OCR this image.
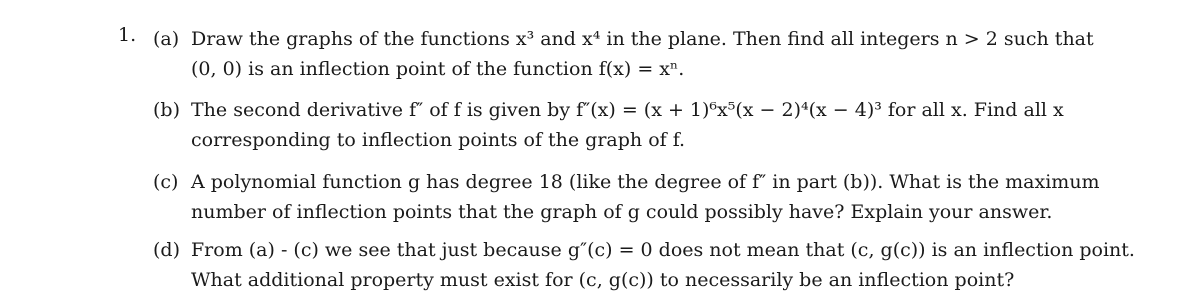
1. (a) Draw the graphs of the functions x³ and x⁴ in the plane. Then find all integers n > 2 such that
(0, 0) is an inflection point of the function f(x) = xⁿ.
(b) The second derivative f″ of f is given by f″(x) = (x + 1)⁶x⁵(x − 2)⁴(x − 4)³ for all x. Find all x
corresponding to inflection points of the graph of f.
(c) A polynomial function g has degree 18 (like the degree of f″ in part (b)). What is the maximum
number of inflection points that the graph of g could possibly have? Explain your answer.
(d) From (a) - (c) we see that just because g″(c) = 0 does not mean that (c, g(c)) is an inflection point.
What additional property must exist for (c, g(c)) to necessarily be an inflection point?
